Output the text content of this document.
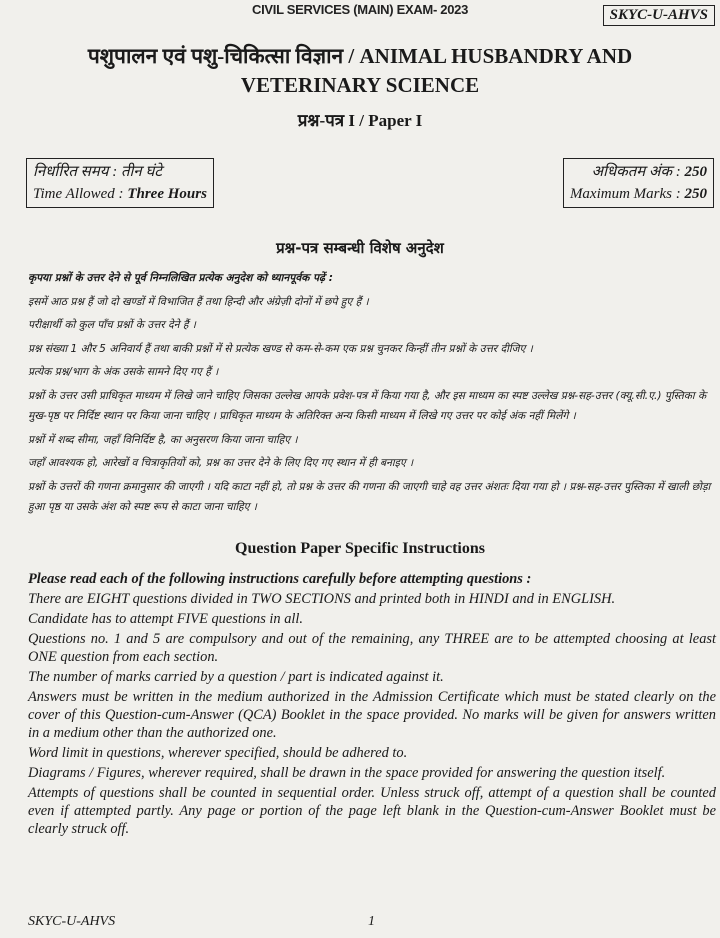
CIVIL SERVICES (MAIN) EXAM- 2023	SKYC-U-AHVS
पशुपालन एवं पशु-चिकित्सा विज्ञान / ANIMAL HUSBANDRY AND
VETERINARY SCIENCE
प्रश्न-पत्र I / Paper I
निर्धारित समय : तीन घंटे
Time Allowed : Three Hours
अधिकतम अंक : 250
Maximum Marks : 250
प्रश्न-पत्र सम्बन्धी विशेष अनुदेश

कृपया प्रश्नों के उत्तर देने से पूर्व निम्नलिखित प्रत्येक अनुदेश को ध्यानपूर्वक पढ़ें :

इसमें आठ प्रश्न हैं जो दो खण्डों में विभाजित हैं तथा हिन्दी और अंग्रेज़ी दोनों में छपे हुए हैं ।

परीक्षार्थी को कुल पाँच प्रश्नों के उत्तर देने हैं ।

प्रश्न संख्या 1 और 5 अनिवार्य हैं तथा बाकी प्रश्नों में से प्रत्येक खण्ड से कम-से-कम एक प्रश्न चुनकर किन्हीं तीन प्रश्नों के उत्तर दीजिए ।

प्रत्येक प्रश्न/भाग के अंक उसके सामने दिए गए हैं ।

प्रश्नों के उत्तर उसी प्राधिकृत माध्यम में लिखे जाने चाहिए जिसका उल्लेख आपके प्रवेश-पत्र में किया गया है, और इस माध्यम का स्पष्ट उल्लेख प्रश्न-सह-उत्तर (क्यू.सी.ए.) पुस्तिका के मुख-पृष्ठ पर निर्दिष्ट स्थान पर किया जाना चाहिए । प्राधिकृत माध्यम के अतिरिक्त अन्य किसी माध्यम में लिखे गए उत्तर पर कोई अंक नहीं मिलेंगे ।

प्रश्नों में शब्द सीमा, जहाँ विनिर्दिष्ट है, का अनुसरण किया जाना चाहिए ।

जहाँ आवश्यक हो, आरेखों व चित्राकृतियों को, प्रश्न का उत्तर देने के लिए दिए गए स्थान में ही बनाइए ।

प्रश्नों के उत्तरों की गणना क्रमानुसार की जाएगी । यदि काटा नहीं हो, तो प्रश्न के उत्तर की गणना की जाएगी चाहे वह उत्तर अंशतः दिया गया हो । प्रश्न-सह-उत्तर पुस्तिका में खाली छोड़ा हुआ पृष्ठ या उसके अंश को स्पष्ट रूप से काटा जाना चाहिए ।

Question Paper Specific Instructions

Please read each of the following instructions carefully before attempting questions :

There are EIGHT questions divided in TWO SECTIONS and printed both in HINDI and in ENGLISH.

Candidate has to attempt FIVE questions in all.

Questions no. 1 and 5 are compulsory and out of the remaining, any THREE are to be attempted choosing at least ONE question from each section.

The number of marks carried by a question / part is indicated against it.

Answers must be written in the medium authorized in the Admission Certificate which must be stated clearly on the cover of this Question-cum-Answer (QCA) Booklet in the space provided. No marks will be given for answers written in a medium other than the authorized one.

Word limit in questions, wherever specified, should be adhered to.

Diagrams / Figures, wherever required, shall be drawn in the space provided for answering the question itself.

Attempts of questions shall be counted in sequential order. Unless struck off, attempt of a question shall be counted even if attempted partly. Any page or portion of the page left blank in the Question-cum-Answer Booklet must be clearly struck off.

SKYC-U-AHVS	1
